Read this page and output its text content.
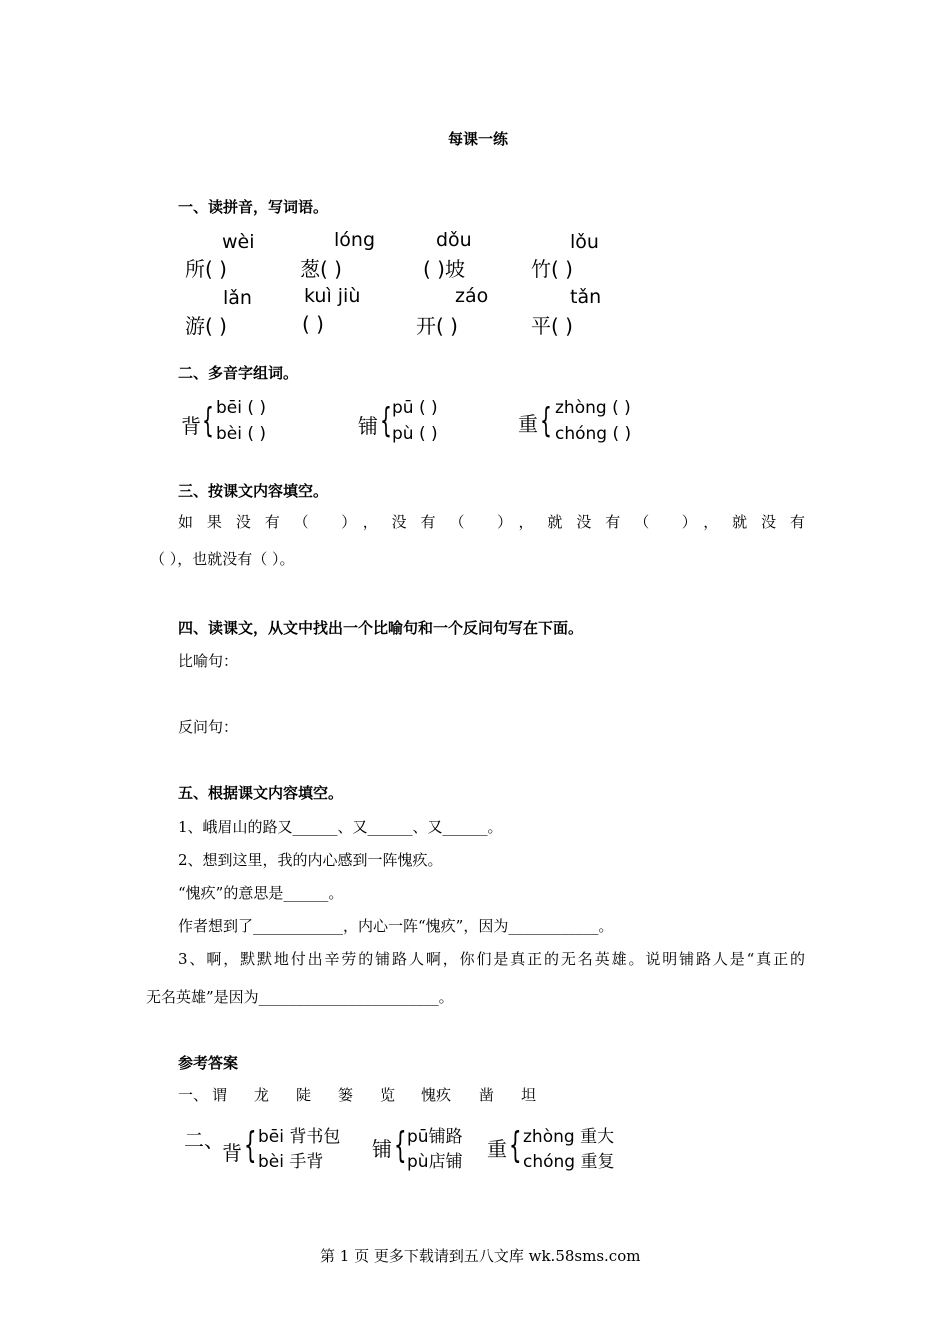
每课一练
一、读拼音，写词语。
wèi
所( )
lóng
葱( )
dǒu
( )坡
lǒu
竹( )
lǎn
游( )
kuì jiù
( )
záo
开( )
tǎn
平( )
二、多音字组词。
背 { bēi ( )
bèi ( )	铺 { pū ( )
pù ( )	重 { zhòng ( )
chóng ( )
三、按课文内容填空。
如果没有（ ），没有（ ），就没有（ ），就没有
（ ），也就没有（ ）。
四、读课文，从文中找出一个比喻句和一个反问句写在下面。
比喻句：
反问句：
五、根据课文内容填空。
1、峨眉山的路又______、又______、又______。
2、想到这里，我的内心感到一阵愧疚。
“愧疚”的意思是______。
作者想到了____________，内心一阵“愧疚”，因为____________。
3、啊，默默地付出辛劳的铺路人啊，你们是真正的无名英雄。说明铺路人是“真正的
无名英雄”是因为________________________。
参考答案
一、 谓 龙 陡 篓 览 愧疚 凿 坦
二、
背 { bēi 背书包
bèi 手背
铺 { pū铺路
pù店铺
重 { zhòng 重大
chóng 重复
第 1 页 更多下载请到五八文库 wk.58sms.com
